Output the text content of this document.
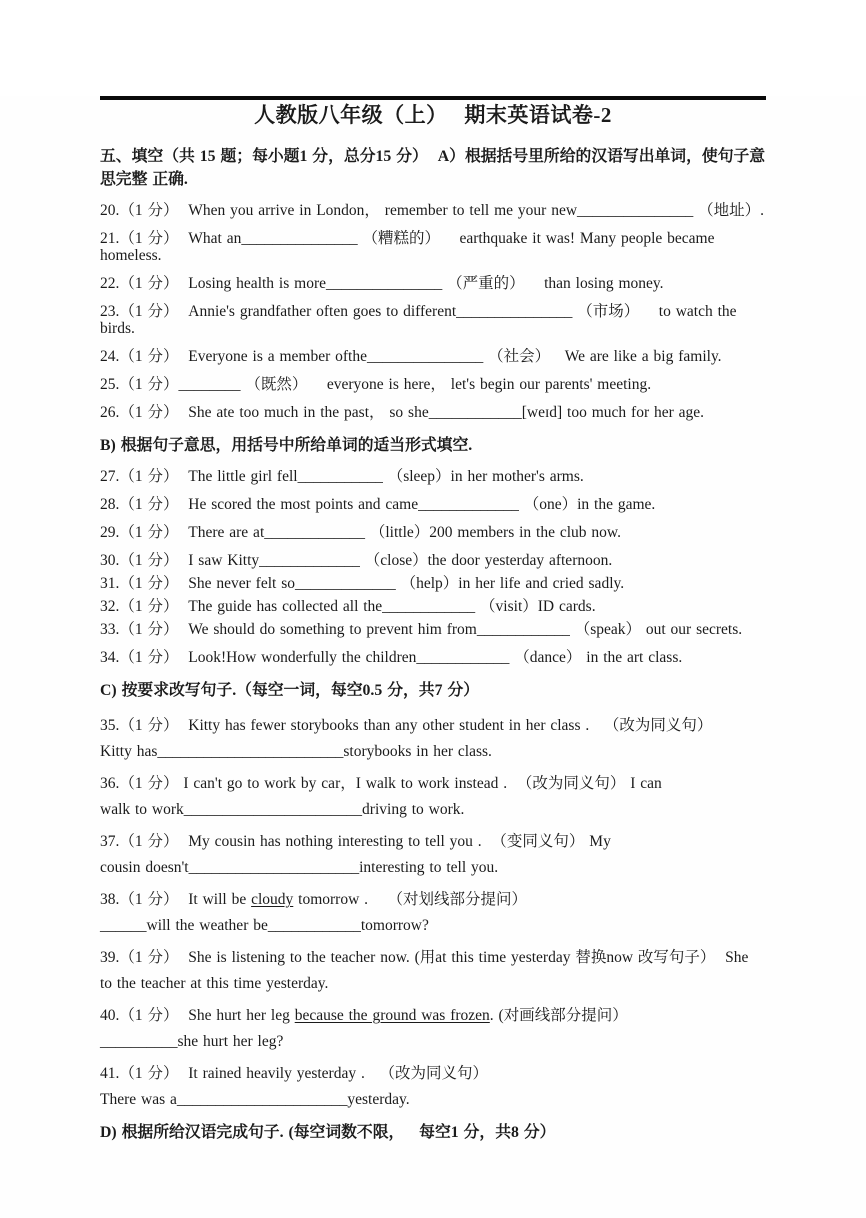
人教版八年级（上）　 期末英语试卷-2
五、填空（共 15 题；每小题1 分，总分15 分）  A）根据括号里所给的汉语写出单词，使句子意思完整 正确.
20.（1 分）  When you arrive in London， remember to tell me your new_______________ （地址）.
21.（1 分）  What an_______________ （糟糕的）    earthquake it was! Many people became homeless.
22.（1 分）  Losing health is more_______________ （严重的）    than losing money.
23.（1 分）  Annie's grandfather often goes to different_______________ （市场）    to watch the birds.
24.（1 分）  Everyone is a member ofthe_______________ （社会）   We are like a big family.
25.（1 分）________ （既然）    everyone is here， let's begin our parents' meeting.
26.（1 分）  She ate too much in the past， so she____________[weɪd] too much for her age.
B) 根据句子意思，用括号中所给单词的适当形式填空.
27.（1 分）  The little girl fell___________ （sleep）in her mother's arms.
28.（1 分）  He scored the most points and came_____________ （one）in the game.
29.（1 分）  There are at_____________ （little）200 members in the club now.
30.（1 分）  I saw Kitty_____________ （close）the door yesterday afternoon.
31.（1 分）  She never felt so_____________ （help）in her life and cried sadly.
32.（1 分）  The guide has collected all the____________ （visit）ID cards.
33.（1 分）  We should do something to prevent him from____________ （speak） out our secrets.
34.（1 分）  Look!How wonderfully the children____________ （dance） in the art class.
C) 按要求改写句子.（每空一词，每空0.5 分，共7 分）
35.（1 分）  Kitty has fewer storybooks than any other student in her class .   （改为同义句）
Kitty has________________________storybooks in her class.
36.（1 分） I can't go to work by car，I walk to work instead .  （改为同义句） I can
walk to work_______________________driving to work.
37.（1 分）  My cousin has nothing interesting to tell you .  （变同义句） My
cousin doesn't______________________interesting to tell you.
38.（1 分）  It will be cloudy tomorrow .    （对划线部分提问）
______will the weather be____________tomorrow?
39.（1 分）  She is listening to the teacher now. (用at this time yesterday 替换now 改写句子）  She
to the teacher at this time yesterday.
40.（1 分）  She hurt her leg because the ground was frozen. (对画线部分提问）
__________she hurt her leg?
41.（1 分）  It rained heavily yesterday .   （改为同义句）
There was a______________________yesterday.
D) 根据所给汉语完成句子. (每空词数不限，   每空1 分，共8 分）
